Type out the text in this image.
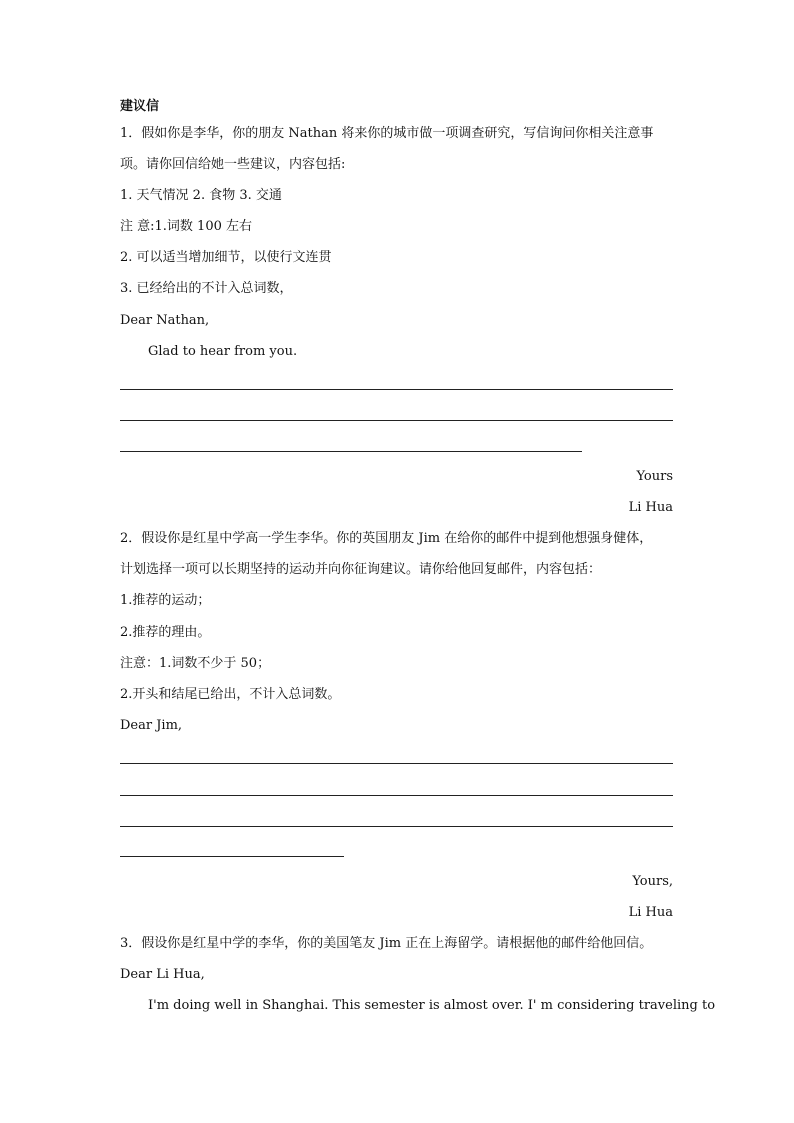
建议信
1．假如你是李华，你的朋友 Nathan 将来你的城市做一项调查研究，写信询问你相关注意事
项。请你回信给她一些建议，内容包括:
1. 天气情况 2. 食物 3. 交通
注 意:1.词数 100 左右
2. 可以适当增加细节，以使行文连贯
3. 已经给出的不计入总词数，
Dear Nathan,
Glad to hear from you.
Yours
Li Hua
2．假设你是红星中学高一学生李华。你的英国朋友 Jim 在给你的邮件中提到他想强身健体，
计划选择一项可以长期坚持的运动并向你征询建议。请你给他回复邮件，内容包括：
1.推荐的运动；
2.推荐的理由。
注意：1.词数不少于 50；
2.开头和结尾已给出，不计入总词数。
Dear Jim,
Yours,
Li Hua
3．假设你是红星中学的李华，你的美国笔友 Jim 正在上海留学。请根据他的邮件给他回信。
Dear Li Hua,
I'm doing well in Shanghai. This semester is almost over. I' m considering traveling to
